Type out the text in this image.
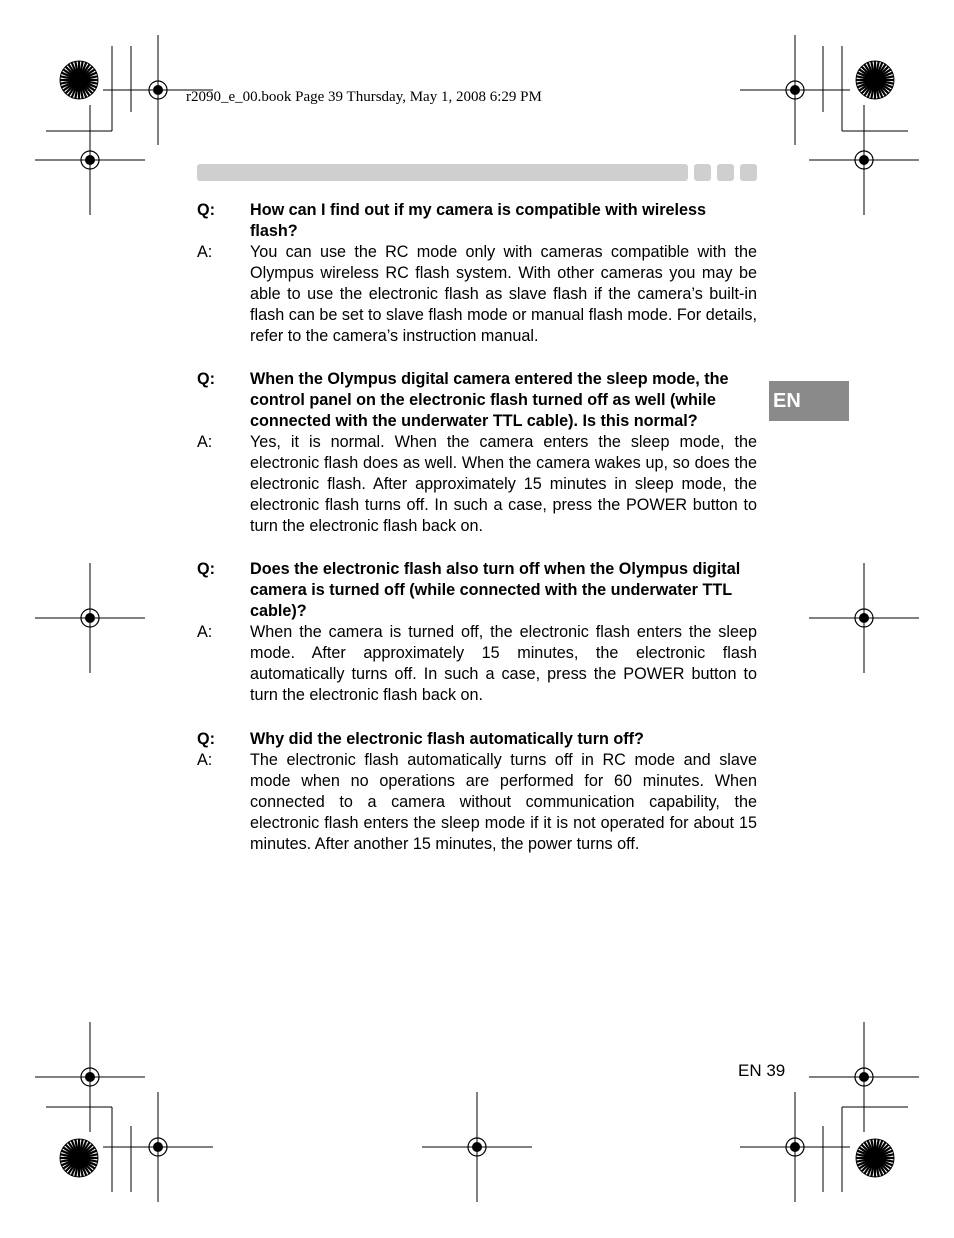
r2090_e_00.book Page 39 Thursday, May 1, 2008 6:29 PM
EN
Q:	How can I find out if my camera is compatible with wireless flash?
A:	You can use the RC mode only with cameras compatible with the Olympus wireless RC flash system. With other cameras you may be able to use the electronic flash as slave flash if the camera’s built-in flash can be set to slave flash mode or manual flash mode. For details, refer to the camera’s instruction manual.
Q:	When the Olympus digital camera entered the sleep mode, the control panel on the electronic flash turned off as well (while connected with the underwater TTL cable). Is this normal?
A:	Yes, it is normal. When the camera enters the sleep mode, the electronic flash does as well. When the camera wakes up, so does the electronic flash. After approximately 15 minutes in sleep mode, the electronic flash turns off. In such a case, press the POWER button to turn the electronic flash back on.
Q:	Does the electronic flash also turn off when the Olympus digital camera is turned off (while connected with the underwater TTL cable)?
A:	When the camera is turned off, the electronic flash enters the sleep mode. After approximately 15 minutes, the electronic flash automatically turns off. In such a case, press the POWER button to turn the electronic flash back on.
Q:	Why did the electronic flash automatically turn off?
A:	The electronic flash automatically turns off in RC mode and slave mode when no operations are performed for 60 minutes. When connected to a camera without communication capability, the electronic flash enters the sleep mode if it is not operated for about 15 minutes. After another 15 minutes, the power turns off.
EN 39
